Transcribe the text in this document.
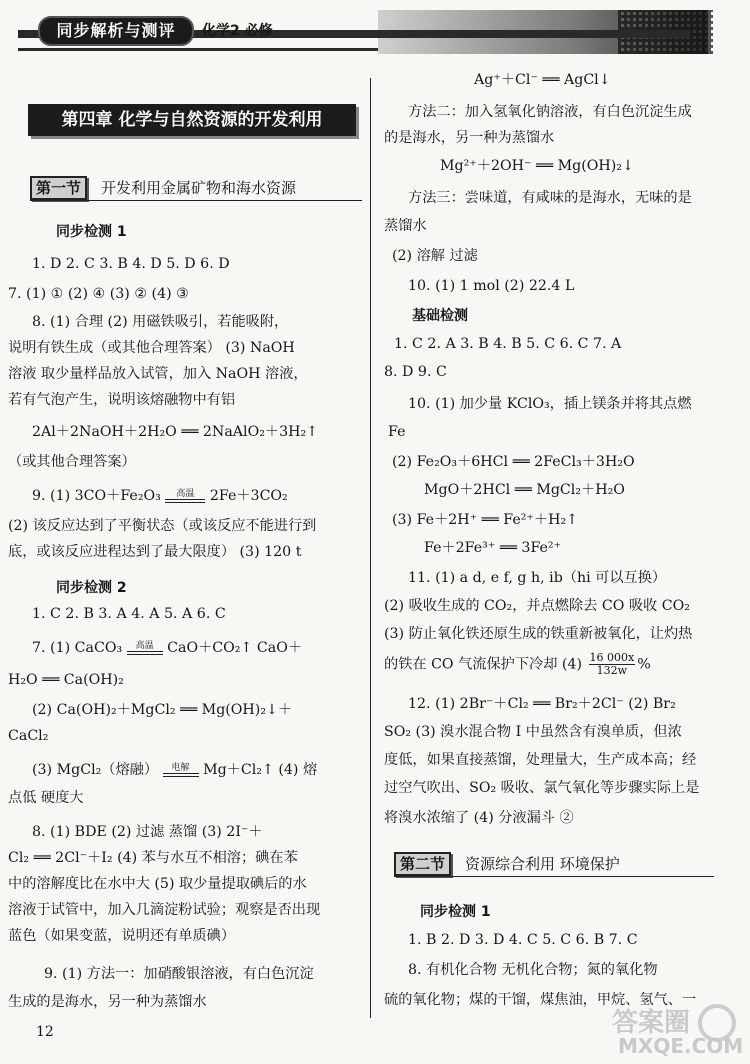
同步解析与测评	化学2 必修
第四章 化学与自然资源的开发利用
第一节 开发利用金属矿物和海水资源
同步检测 1

1. D 2. C 3. B 4. D 5. D 6. D

7. (1) ① (2) ④ (3) ② (4) ③

8. (1) 合理 (2) 用磁铁吸引，若能吸附，

说明有铁生成（或其他合理答案） (3) NaOH

溶液 取少量样品放入试管，加入 NaOH 溶液，

若有气泡产生，说明该熔融物中有铝

2Al＋2NaOH＋2H₂O ══ 2NaAlO₂＋3H₂↑

（或其他合理答案）

9. (1) 3CO＋Fe₂O₃	高温	2Fe＋3CO₂

(2) 该反应达到了平衡状态（或该反应不能进行到

底，或该反应进程达到了最大限度） (3) 120 t

同步检测 2

1. C 2. B 3. A 4. A 5. A 6. C

7. (1) CaCO₃	高温 CaO＋CO₂↑ CaO＋

H₂O ══ Ca(OH)₂

(2) Ca(OH)₂＋MgCl₂ ══ Mg(OH)₂↓＋

CaCl₂

(3) MgCl₂（熔融）	电解 Mg＋Cl₂↑ (4) 熔

点低 硬度大

8. (1) BDE (2) 过滤 蒸馏 (3) 2I⁻＋

Cl₂ ══ 2Cl⁻＋I₂ (4) 苯与水互不相溶；碘在苯

中的溶解度比在水中大 (5) 取少量提取碘后的水

溶液于试管中，加入几滴淀粉试验；观察是否出现

蓝色（如果变蓝，说明还有单质碘）

9. (1) 方法一：加硝酸银溶液，有白色沉淀

生成的是海水，另一种为蒸馏水

Ag⁺＋Cl⁻ ══ AgCl↓

方法二：加入氢氧化钠溶液，有白色沉淀生成

的是海水，另一种为蒸馏水

Mg²⁺＋2OH⁻ ══ Mg(OH)₂↓

方法三：尝味道，有咸味的是海水，无味的是

蒸馏水

(2) 溶解 过滤

10. (1) 1 mol (2) 22.4 L

基础检测

1. C 2. A 3. B 4. B 5. C 6. C 7. A

8. D 9. C

10. (1) 加少量 KClO₃，插上镁条并将其点燃

Fe

(2) Fe₂O₃＋6HCl ══ 2FeCl₃＋3H₂O

MgO＋2HCl ══ MgCl₂＋H₂O

(3) Fe＋2H⁺ ══ Fe²⁺＋H₂↑

Fe＋2Fe³⁺ ══ 3Fe²⁺

11. (1) a d, e f, g h, ib（hi 可以互换）

(2) 吸收生成的 CO₂，并点燃除去 CO 吸收 CO₂

(3) 防止氧化铁还原生成的铁重新被氧化，让灼热

的铁在 CO 气流保护下冷却 $(4) \frac{16 000x}{132w}$ %

12. (1) 2Br⁻＋Cl₂ ══ Br₂＋2Cl⁻ (2) Br₂

SO₂ (3) 溴水混合物 I 中虽然含有溴单质，但浓

度低，如果直接蒸馏，处理量大，生产成本高；经

过空气吹出、SO₂ 吸收、氯气氧化等步骤实际上是

将溴水浓缩了 (4) 分液漏斗 ②

第二节 资源综合利用 环境保护
同步检测 1

1. B 2. D 3. D 4. C 5. C 6. B 7. C

8. 有机化合物 无机化合物；氮的氧化物

硫的氧化物；煤的干馏，煤焦油，甲烷、氢气、一

12	答案圈
MXQE.COM
